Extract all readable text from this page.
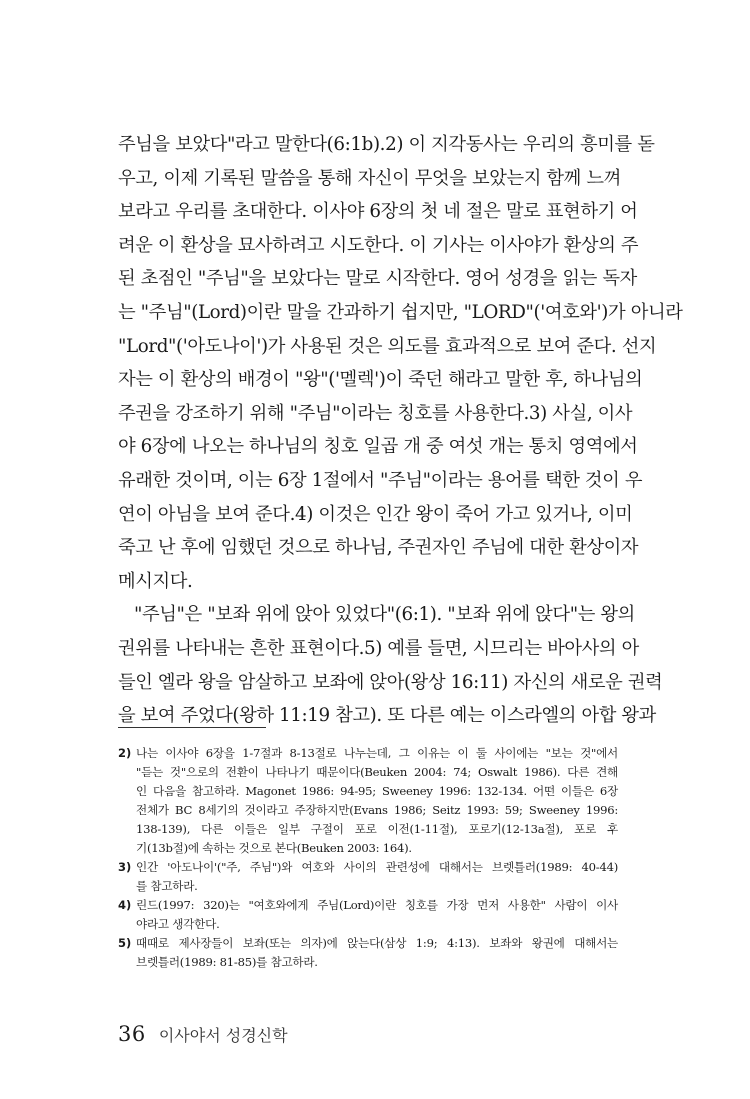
주님을 보았다"라고 말한다(6:1b).2) 이 지각동사는 우리의 흥미를 돋
우고, 이제 기록된 말씀을 통해 자신이 무엇을 보았는지 함께 느껴
보라고 우리를 초대한다. 이사야 6장의 첫 네 절은 말로 표현하기 어
려운 이 환상을 묘사하려고 시도한다. 이 기사는 이사야가 환상의 주
된 초점인 "주님"을 보았다는 말로 시작한다. 영어 성경을 읽는 독자
는 "주님"(Lord)이란 말을 간과하기 쉽지만, "LORD"('여호와')가 아니라
"Lord"('아도나이')가 사용된 것은 의도를 효과적으로 보여 준다. 선지
자는 이 환상의 배경이 "왕"('멜렉')이 죽던 해라고 말한 후, 하나님의
주권을 강조하기 위해 "주님"이라는 칭호를 사용한다.3) 사실, 이사
야 6장에 나오는 하나님의 칭호 일곱 개 중 여섯 개는 통치 영역에서
유래한 것이며, 이는 6장 1절에서 "주님"이라는 용어를 택한 것이 우
연이 아님을 보여 준다.4) 이것은 인간 왕이 죽어 가고 있거나, 이미
죽고 난 후에 임했던 것으로 하나님, 주권자인 주님에 대한 환상이자
메시지다.
"주님"은 "보좌 위에 앉아 있었다"(6:1). "보좌 위에 앉다"는 왕의
권위를 나타내는 흔한 표현이다.5) 예를 들면, 시므리는 바아사의 아
들인 엘라 왕을 암살하고 보좌에 앉아(왕상 16:11) 자신의 새로운 권력
을 보여 주었다(왕하 11:19 참고). 또 다른 예는 이스라엘의 아합 왕과
2) 나는 이사야 6장을 1-7절과 8-13절로 나누는데, 그 이유는 이 둘 사이에는 "보는 것"에서
"듣는 것"으로의 전환이 나타나기 때문이다(Beuken 2004: 74; Oswalt 1986). 다른 견해
인 다음을 참고하라. Magonet 1986: 94-95; Sweeney 1996: 132-134. 어떤 이들은 6장
전체가 BC 8세기의 것이라고 주장하지만(Evans 1986; Seitz 1993: 59; Sweeney 1996:
138-139), 다른 이들은 일부 구절이 포로 이전(1-11절), 포로기(12-13a절), 포로 후
기(13b절)에 속하는 것으로 본다(Beuken 2003: 164).
3) 인간 '아도나이'("주, 주님")와 여호와 사이의 관련성에 대해서는 브렛틀러(1989: 40-44)
를 참고하라.
4) 린드(1997: 320)는 "여호와에게 주님(Lord)이란 칭호를 가장 먼저 사용한" 사람이 이사
야라고 생각한다.
5) 때때로 제사장들이 보좌(또는 의자)에 앉는다(삼상 1:9; 4:13). 보좌와 왕권에 대해서는
브렛틀러(1989: 81-85)를 참고하라.
36 이사야서 성경신학
